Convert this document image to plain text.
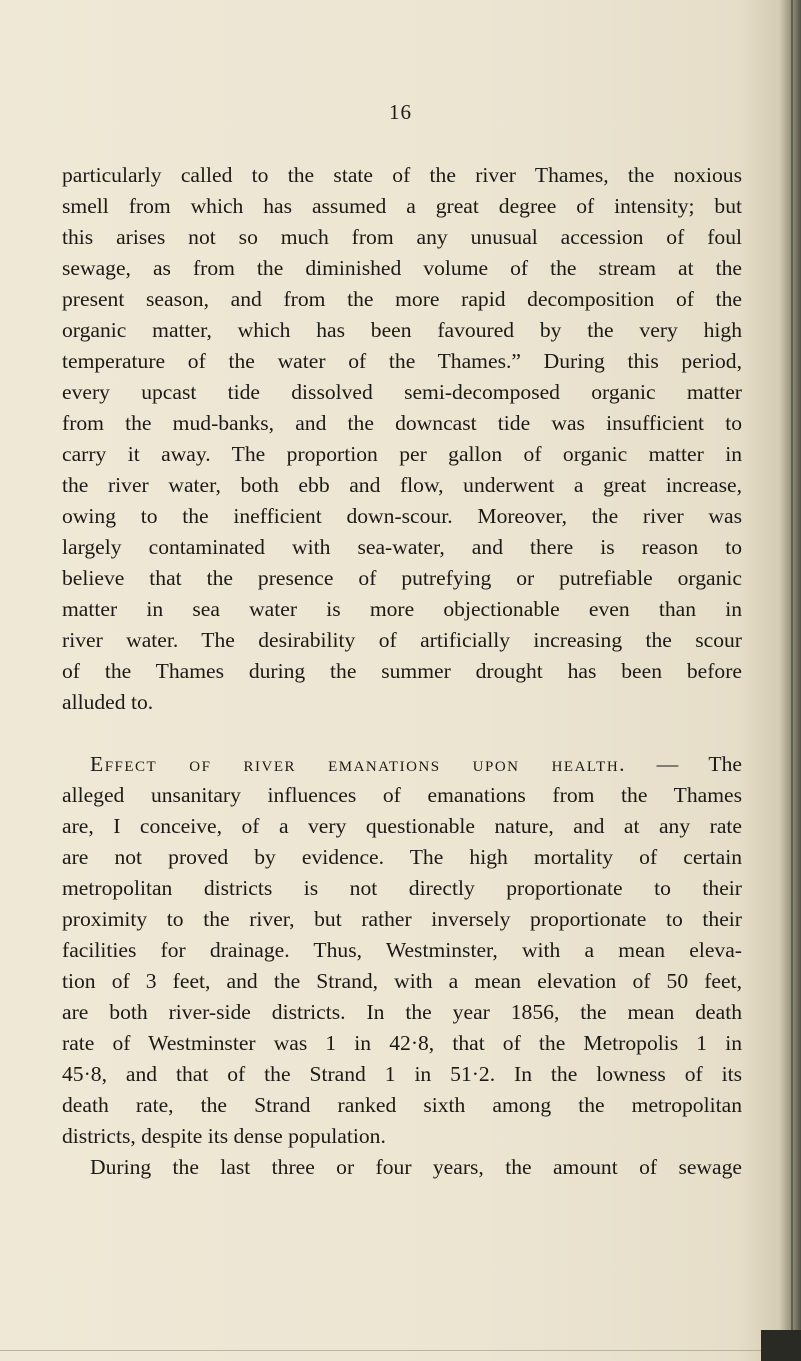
16
particularly called to the state of the river Thames, the noxious
smell from which has assumed a great degree of intensity; but
this arises not so much from any unusual accession of foul
sewage, as from the diminished volume of the stream at the
present season, and from the more rapid decomposition of the
organic matter, which has been favoured by the very high
temperature of the water of the Thames.” During this period,
every upcast tide dissolved semi-decomposed organic matter
from the mud-banks, and the downcast tide was insufficient to
carry it away. The proportion per gallon of organic matter in
the river water, both ebb and flow, underwent a great increase,
owing to the inefficient down-scour. Moreover, the river was
largely contaminated with sea-water, and there is reason to
believe that the presence of putrefying or putrefiable organic
matter in sea water is more objectionable even than in
river water. The desirability of artificially increasing the scour
of the Thames during the summer drought has been before
alluded to.
Effect of river emanations upon health. — The
alleged unsanitary influences of emanations from the Thames
are, I conceive, of a very questionable nature, and at any rate
are not proved by evidence. The high mortality of certain
metropolitan districts is not directly proportionate to their
proximity to the river, but rather inversely proportionate to their
facilities for drainage. Thus, Westminster, with a mean eleva-
tion of 3 feet, and the Strand, with a mean elevation of 50 feet,
are both river-side districts. In the year 1856, the mean death
rate of Westminster was 1 in 42·8, that of the Metropolis 1 in
45·8, and that of the Strand 1 in 51·2. In the lowness of its
death rate, the Strand ranked sixth among the metropolitan
districts, despite its dense population.
During the last three or four years, the amount of sewage
